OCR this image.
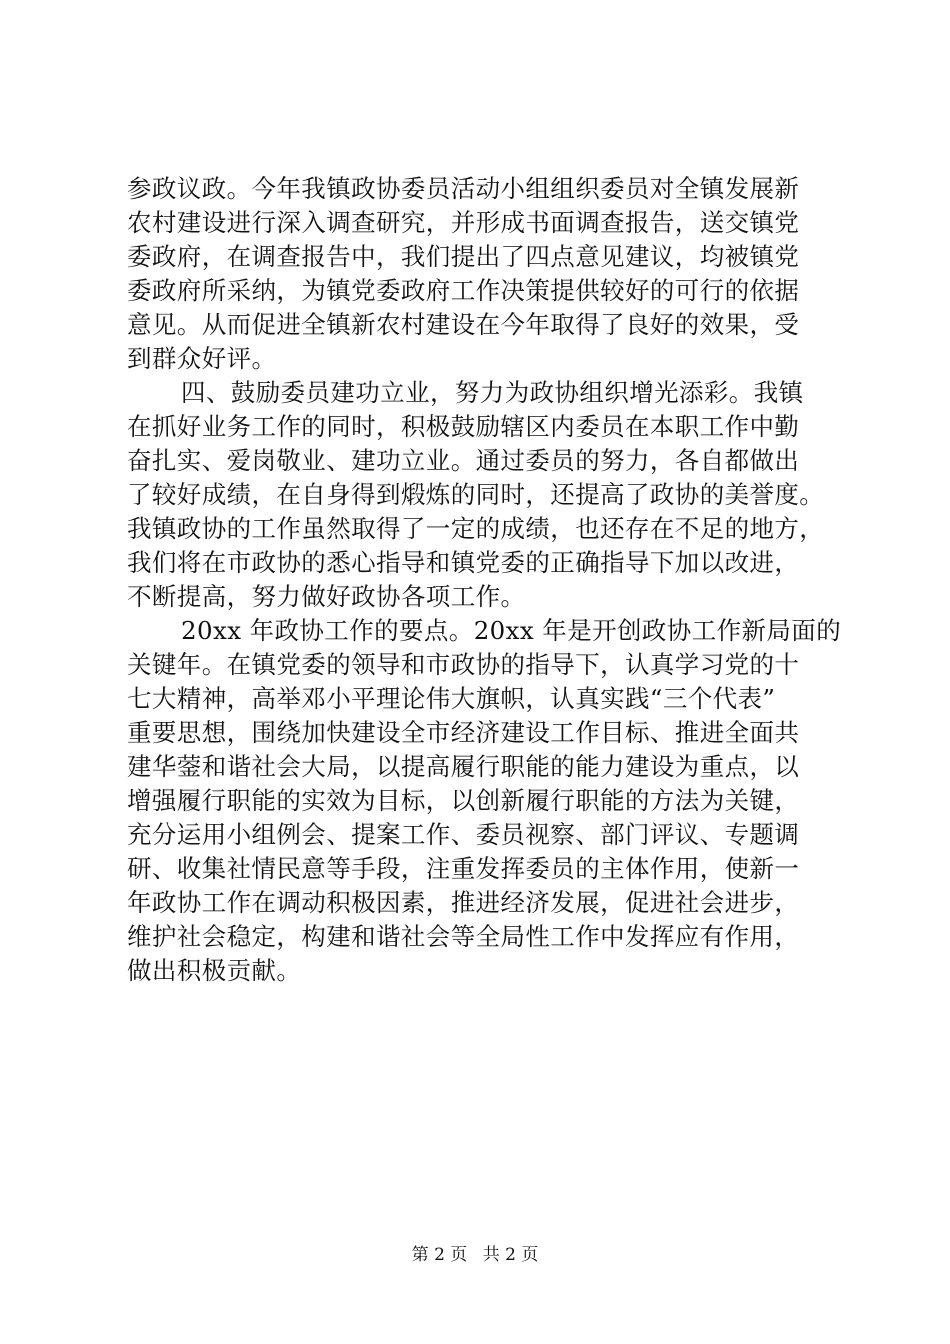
参政议政。今年我镇政协委员活动小组组织委员对全镇发展新
农村建设进行深入调查研究，并形成书面调查报告，送交镇党
委政府，在调查报告中，我们提出了四点意见建议，均被镇党
委政府所采纳，为镇党委政府工作决策提供较好的可行的依据
意见。从而促进全镇新农村建设在今年取得了良好的效果，受
到群众好评。
四、鼓励委员建功立业，努力为政协组织增光添彩。我镇
在抓好业务工作的同时，积极鼓励辖区内委员在本职工作中勤
奋扎实、爱岗敬业、建功立业。通过委员的努力，各自都做出
了较好成绩，在自身得到煅炼的同时，还提高了政协的美誉度。
我镇政协的工作虽然取得了一定的成绩，也还存在不足的地方，
我们将在市政协的悉心指导和镇党委的正确指导下加以改进，
不断提高，努力做好政协各项工作。
20xx 年政协工作的要点。20xx 年是开创政协工作新局面的
关键年。在镇党委的领导和市政协的指导下，认真学习党的十
七大精神，高举邓小平理论伟大旗帜，认真实践“三个代表”
重要思想，围绕加快建设全市经济建设工作目标、推进全面共
建华蓥和谐社会大局，以提高履行职能的能力建设为重点，以
增强履行职能的实效为目标，以创新履行职能的方法为关键，
充分运用小组例会、提案工作、委员视察、部门评议、专题调
研、收集社情民意等手段，注重发挥委员的主体作用，使新一
年政协工作在调动积极因素，推进经济发展，促进社会进步，
维护社会稳定，构建和谐社会等全局性工作中发挥应有作用，
做出积极贡献。
第 2 页 共 2 页
